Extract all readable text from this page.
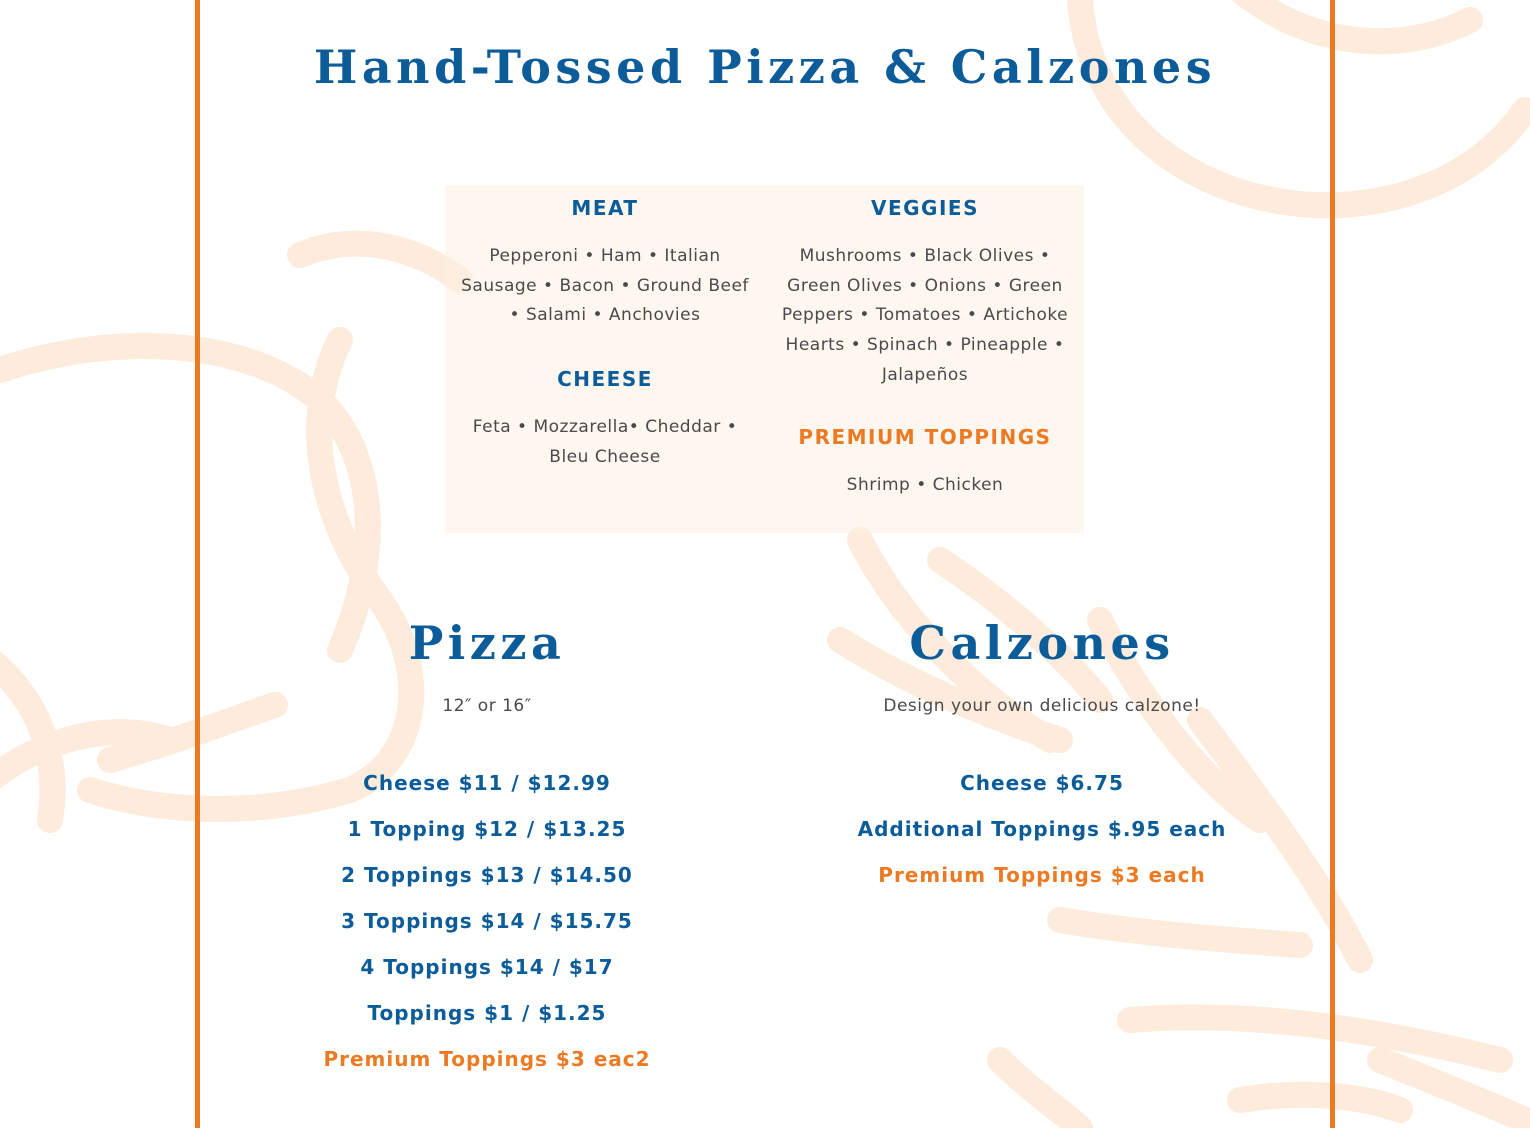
Hand-Tossed Pizza & Calzones
MEAT
Pepperoni • Ham • Italian Sausage • Bacon • Ground Beef • Salami • Anchovies
CHEESE
Feta • Mozzarella• Cheddar • Bleu Cheese
VEGGIES
Mushrooms • Black Olives • Green Olives • Onions • Green Peppers • Tomatoes • Artichoke Hearts • Spinach • Pineapple • Jalapeños
PREMIUM TOPPINGS
Shrimp • Chicken
Pizza
12″ or 16″
Cheese $11 / $12.99
1 Topping $12 / $13.25
2 Toppings $13 / $14.50
3 Toppings $14 / $15.75
4 Toppings $14 / $17
Toppings $1 / $1.25
Premium Toppings $3 eac2
Calzones
Design your own delicious calzone!
Cheese $6.75
Additional Toppings $.95 each
Premium Toppings $3 each
